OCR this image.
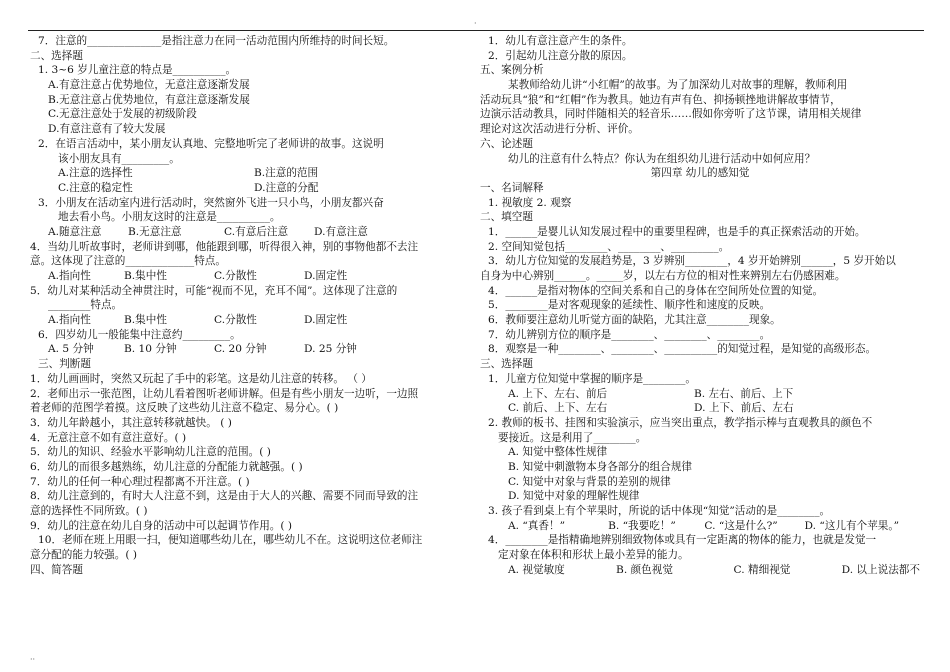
·
7．注意的______________是指注意力在同一活动范围内所维持的时间长短。
二、选择题
1. 3~6 岁儿童注意的特点是__________。
A.有意注意占优势地位，无意注意逐渐发展
B.无意注意占优势地位，有意注意逐渐发展
C.无意注意处于发展的初级阶段
D.有意注意有了较大发展
2．在语言活动中，某小朋友认真地、完整地听完了老师讲的故事。这说明
该小朋友具有_________。
A.注意的选择性	B.注意的范围
C.注意的稳定性	D.注意的分配
3．小朋友在活动室内进行活动时，突然窗外飞进一只小鸟，小朋友都兴奋
地去看小鸟。小朋友这时的注意是__________。
A.随意注意	B.无意注意	C.有意后注意	D.有意注意
4．当幼儿听故事时，老师讲到哪，他能跟到哪，听得很入神，别的事物他都不去注
意。这体现了注意的_____________特点。
A.指向性	B.集中性	C.分散性	D.固定性
5．幼儿对某种活动全神贯注时，可能“视而不见，充耳不闻”。这体现了注意的
________特点。
A.指向性	B.集中性	C.分散性	D.固定性
6．四岁幼儿一般能集中注意约_________。
A. 5 分钟	B. 10 分钟	C. 20 分钟	D. 25 分钟
三、判断题
1．幼儿画画时，突然又玩起了手中的彩笔。这是幼儿注意的转移。 （ ）
2．老师出示一张范图，让幼儿看着图听老师讲解。但是有些小朋友一边听，一边照
着老师的范图学着摸。这反映了这些幼儿注意不稳定、易分心。( )
3．幼儿年龄越小，其注意转移就越快。 ( )
4．无意注意不如有意注意好。( )
5．幼儿的知识、经验水平影响幼儿注意的范围。( )
6．幼儿的而很多越熟练，幼儿注意的分配能力就越强。( )
7．幼儿的任何一种心理过程都离不开注意。( )
8．幼儿注意到的，有时大人注意不到，这是由于大人的兴趣、需要不同而导致的注
意的选择性不同所致。( )
9．幼儿的注意在幼儿自身的活动中可以起调节作用。( )
10．老师在班上用眼一扫，便知道哪些幼儿在，哪些幼儿不在。这说明这位老师注
意分配的能力较强。( )
四、简答题
1．幼儿有意注意产生的条件。
2．引起幼儿注意分散的原因。
五、案例分析
某教师给幼儿讲“小红帽”的故事。为了加深幼儿对故事的理解，教师利用
活动玩具“狼”和“红帽”作为教具。她边有声有色、抑扬顿挫地讲解故事情节，
边演示活动教具，同时伴随相关的轻音乐……假如你旁听了这节课，请用相关规律
理论对这次活动进行分析、评价。
六、论述题
幼儿的注意有什么特点？你认为在组织幼儿进行活动中如何应用？
第四章 幼儿的感知觉
一、名词解释
1. 视敏度 2. 观察
二、填空题
1．______是婴儿认知发展过程中的重要里程碑，也是手的真正探索活动的开始。
2. 空间知觉包括________、________、_________。
3．幼儿方位知觉的发展趋势是，3 岁辨别________，4 岁开始辨别______，5 岁开始以
自身为中心辨别______。_____岁，以左右方位的相对性来辨别左右仍感困难。
4．______是指对物体的空间关系和自己的身体在空间所处位置的知觉。
5．________是对客观现象的延续性、顺序性和速度的反映。
6．教师要注意幼儿听觉方面的缺陷，尤其注意________现象。
7．幼儿辨别方位的顺序是________、________、________。
8．观察是一种________、________、__________的知觉过程，是知觉的高级形态。
三、选择题
1．儿童方位知觉中掌握的顺序是________。
A. 上下、左右、前后	B. 左右、前后、上下
C. 前后、上下、左右	D. 上下、前后、左右
2. 教师的板书、挂图和实验演示，应当突出重点，教学指示棒与直观教具的颜色不
要接近。这是利用了________。
A. 知觉中整体性规律
B. 知觉中刺激物本身各部分的组合规律
C. 知觉中对象与背景的差别的规律
D. 知觉中对象的理解性规律
3. 孩子看到桌上有个苹果时，所说的话中体现“知觉”活动的是________。
A. “真香！”	B. “我要吃！”	C. “这是什么?”	D. “这儿有个苹果。”
4．________是指精确地辨别细致物体或具有一定距离的物体的能力，也就是发觉一
定对象在体积和形状上最小差异的能力。
A. 视觉敏度	B. 颜色视觉	C. 精细视觉	D. 以上说法都不
··
